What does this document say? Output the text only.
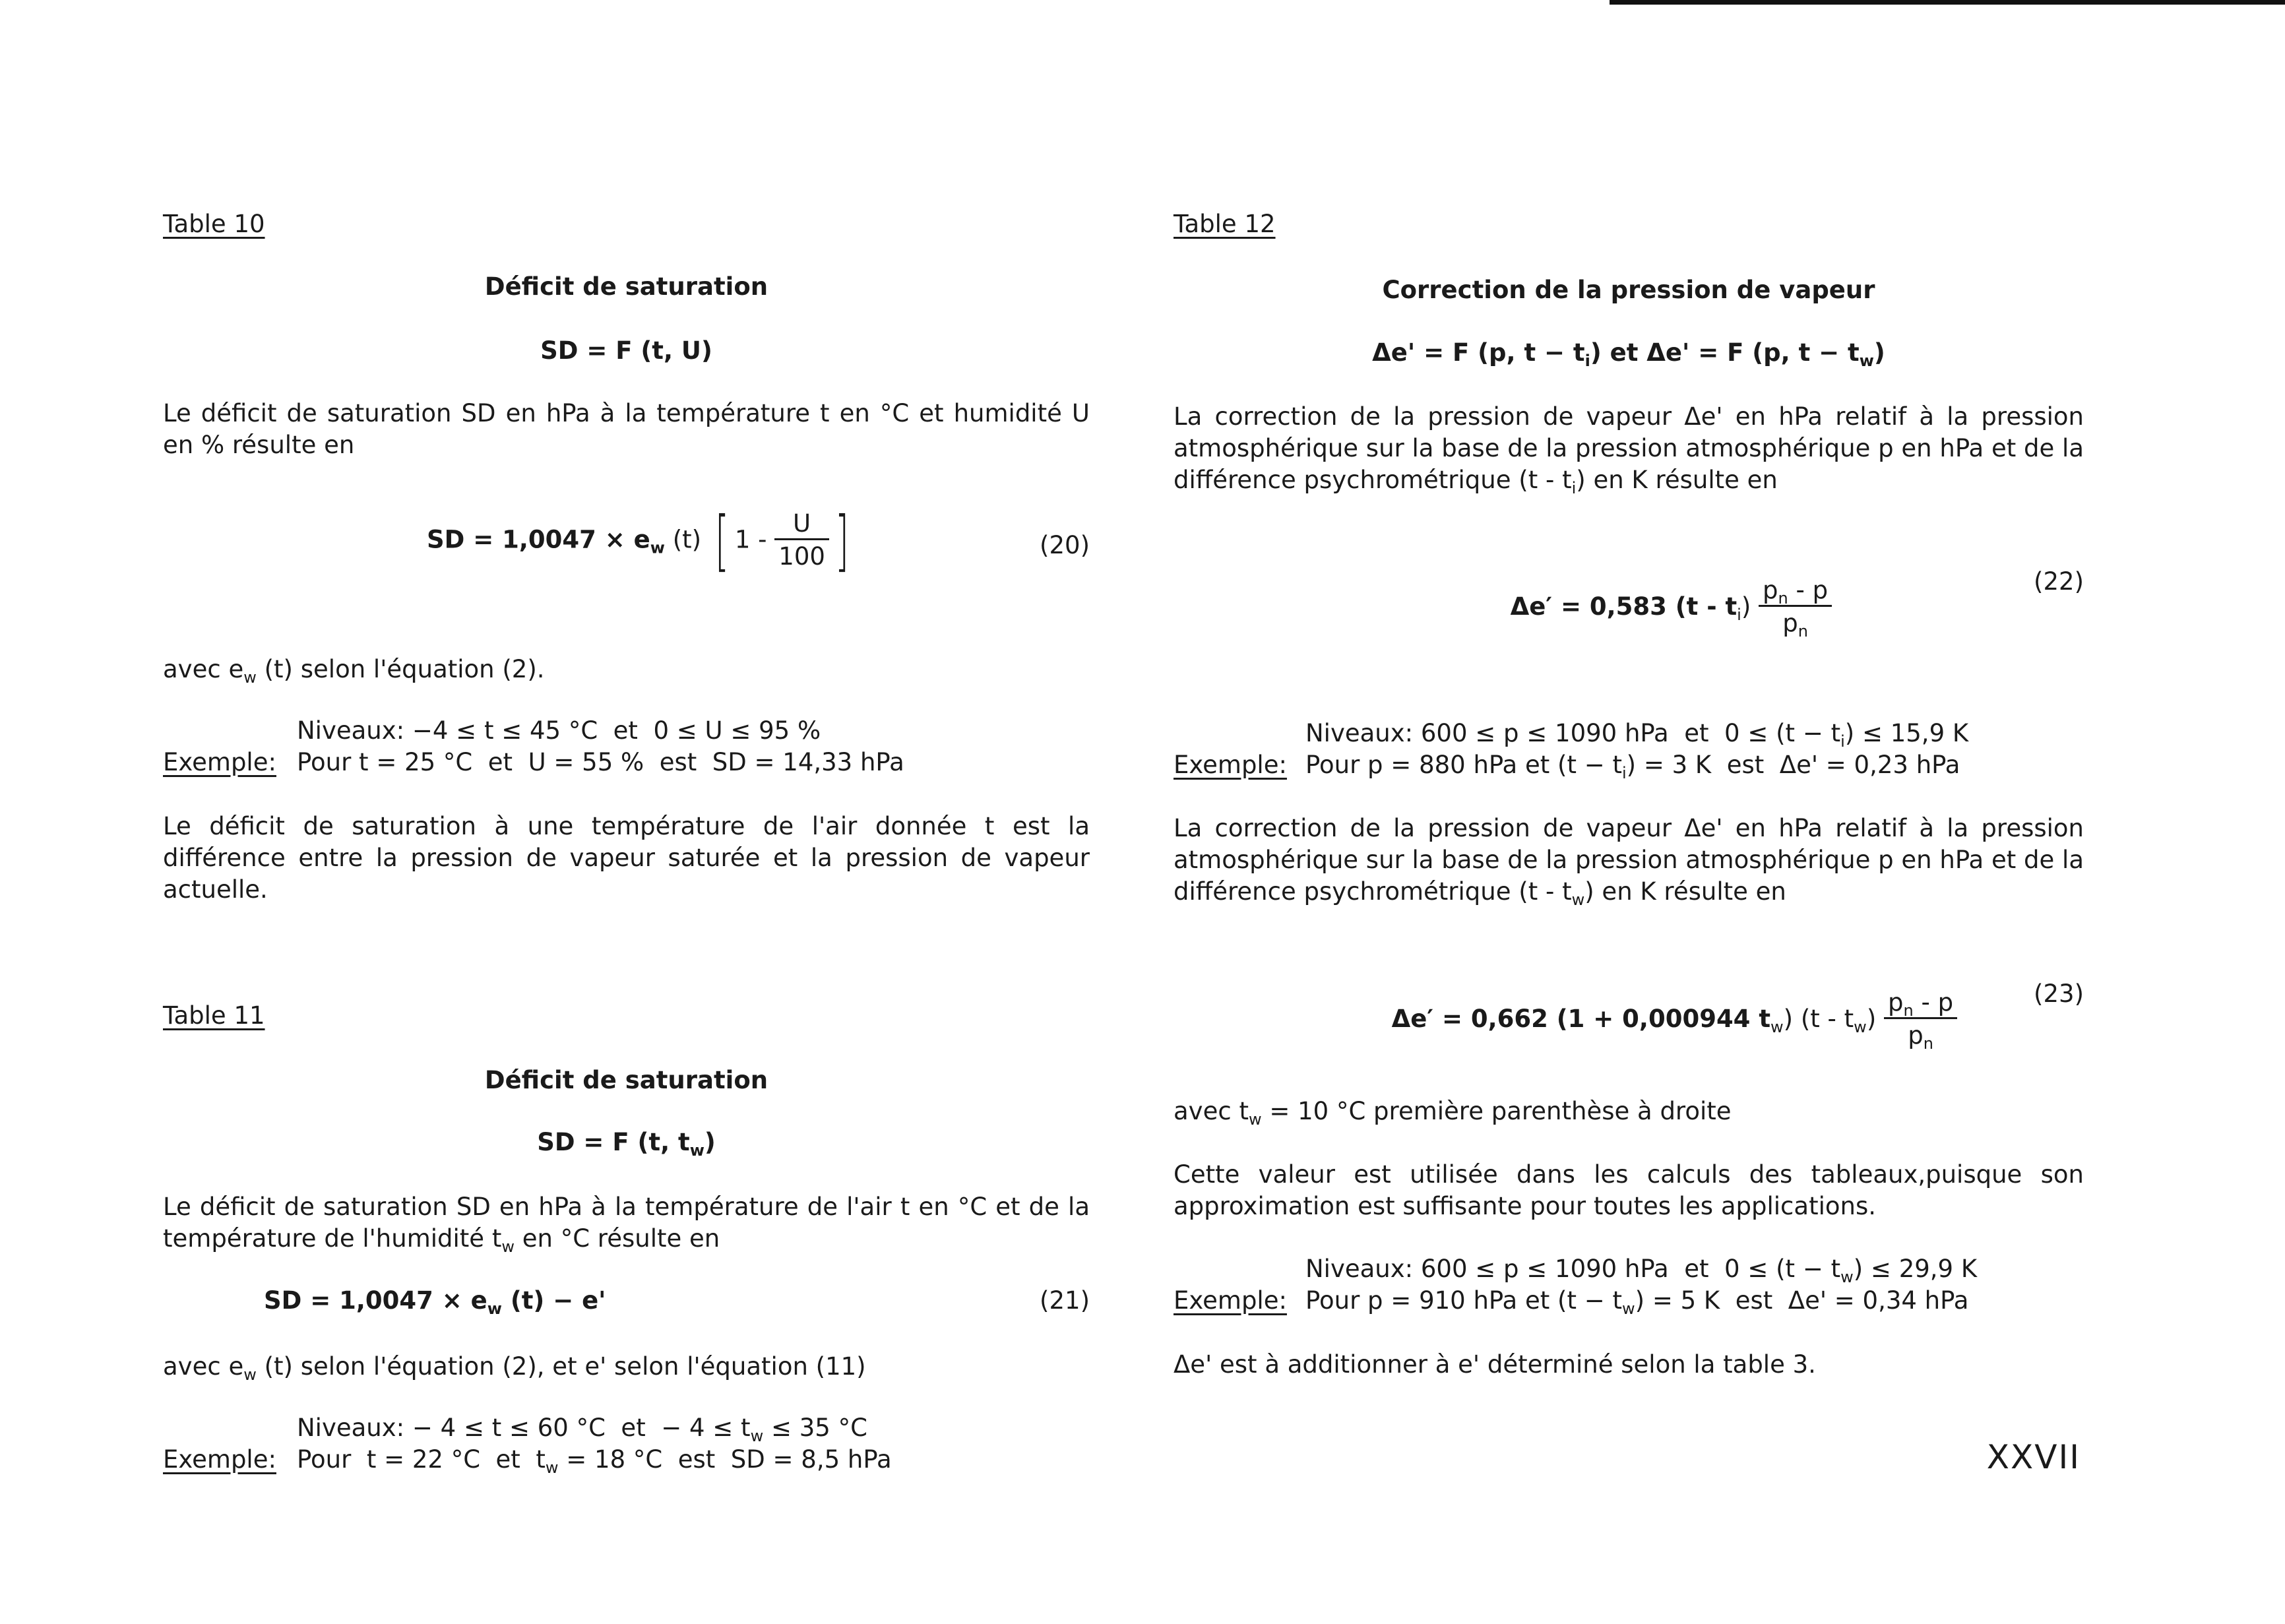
Table 10
Déficit de saturation
SD = F (t, U)
Le déficit de saturation SD en hPa à la température t en °C et humidité U en % résulte en
SD = $1,0047 \times e_w$ (t) [ $1 - \frac{U}{100}$ ]	(20)
avec $e_w$ (t) selon l'équation (2).
Niveaux: −4 ≤ t ≤ 45 °C  et  0 ≤ U ≤ 95 %
Exemple: Pour t = 25 °C  et  U = 55 %  est  SD = 14,33 hPa
Le déficit de saturation à une température de l'air donnée t est la différence entre la pression de vapeur saturée et la pression de vapeur actuelle.
Table 11
Déficit de saturation
SD = F (t, $t_w$)
Le déficit de saturation SD en hPa à la température de l'air t en °C et de la température de l'humidité $t_w$ en °C résulte en
SD = $1,0047 \times e_w$ (t) − e'	(21)
avec $e_w$ (t) selon l'équation (2), et e' selon l'équation (11)
Niveaux: − 4 ≤ t ≤ 60 °C  et  − $4 \le t_w \le 35$ °C
Exemple: Pour  t = 22 °C  et  $t_w = 18$ °C  est  SD = 8,5 hPa
Table 12
Correction de la pression de vapeur
Δe' = F (p, $t - t_i$) et Δe' = F (p, $t - t_w$)
La correction de la pression de vapeur Δe' en hPa relatif à la pression atmosphérique sur la base de la pression atmosphérique p en hPa et de la différence psychrométrique $(t - t_i)$ en K résulte en

Δe′ = 0,583 $(t - t_i) \frac{p_n - p}{p_n}$

	(22)
Niveaux: 600 ≤ p ≤ 1090 hPa  et  $0 \le (t - t_i) \le 15,9$ K
Exemple: Pour p = 880 hPa et $(t - t_i) = 3$ K  est  Δe' = 0,23 hPa
La correction de la pression de vapeur Δe' en hPa relatif à la pression atmosphérique sur la base de la pression atmosphérique p en hPa et de la différence psychrométrique $(t - t_w)$ en K résulte en

Δe′ = 0,662 (1 + 0,000944 $t_w$) $(t - t_w) \frac{p_n - p}{p_n}$

	(23)
avec $t_w = 10$ °C première parenthèse à droite
Cette valeur est utilisée dans les calculs des tableaux,puisque son approximation est suffisante pour toutes les applications.
Niveaux: 600 ≤ p ≤ 1090 hPa  et  $0 \le (t - t_w) \le 29,9$ K
Exemple: Pour p = 910 hPa et $(t - t_w) = 5$ K  est  Δe' = 0,34 hPa
Δe' est à additionner à e' déterminé selon la table 3.
XXVII
